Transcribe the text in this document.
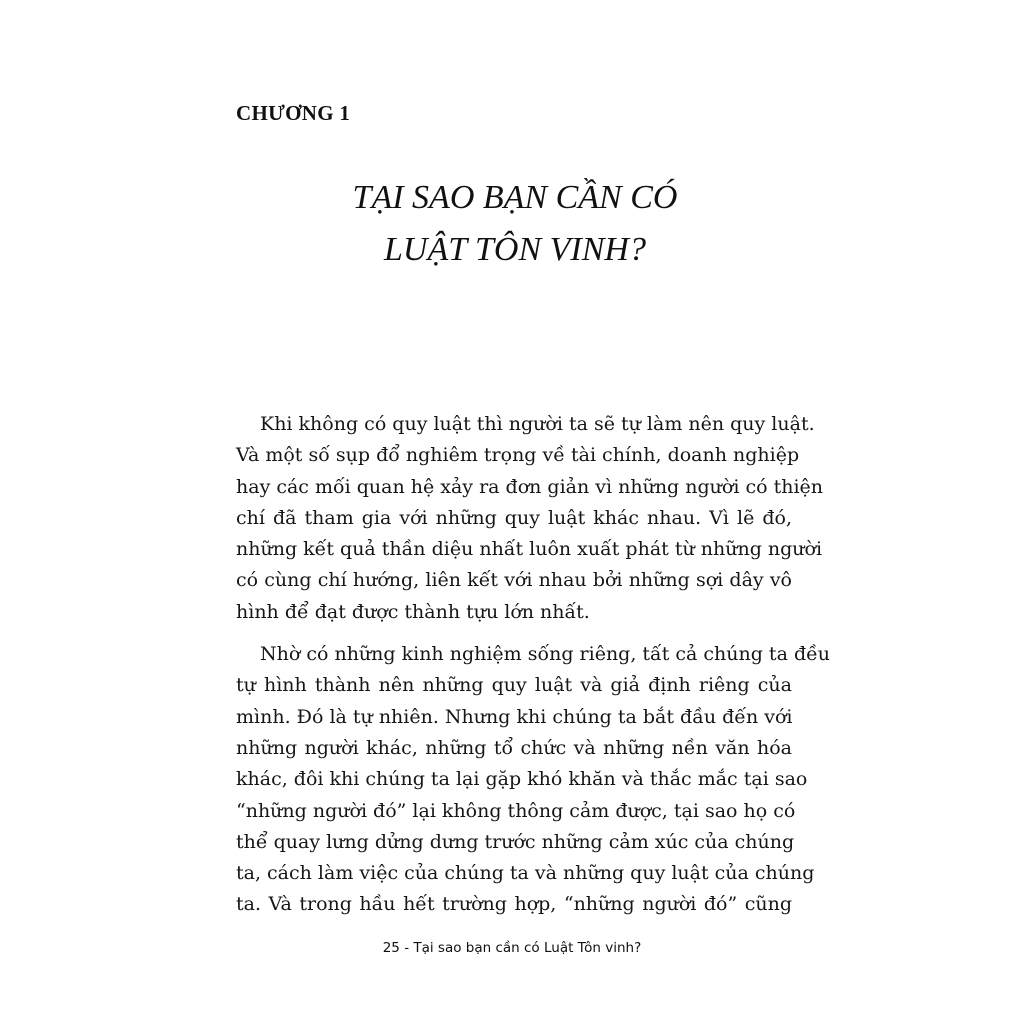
CHƯƠNG 1
TẠI SAO BẠN CẦN CÓ
LUẬT TÔN VINH?
Khi không có quy luật thì người ta sẽ tự làm nên quy luật.
Và một số sụp đổ nghiêm trọng về tài chính, doanh nghiệp
hay các mối quan hệ xảy ra đơn giản vì những người có thiện
chí đã tham gia với những quy luật khác nhau. Vì lẽ đó,
những kết quả thần diệu nhất luôn xuất phát từ những người
có cùng chí hướng, liên kết với nhau bởi những sợi dây vô
hình để đạt được thành tựu lớn nhất.
Nhờ có những kinh nghiệm sống riêng, tất cả chúng ta đều
tự hình thành nên những quy luật và giả định riêng của
mình. Đó là tự nhiên. Nhưng khi chúng ta bắt đầu đến với
những người khác, những tổ chức và những nền văn hóa
khác, đôi khi chúng ta lại gặp khó khăn và thắc mắc tại sao
“những người đó” lại không thông cảm được, tại sao họ có
thể quay lưng dửng dưng trước những cảm xúc của chúng
ta, cách làm việc của chúng ta và những quy luật của chúng
ta. Và trong hầu hết trường hợp, “những người đó” cũng
25 - Tại sao bạn cần có Luật Tôn vinh?
